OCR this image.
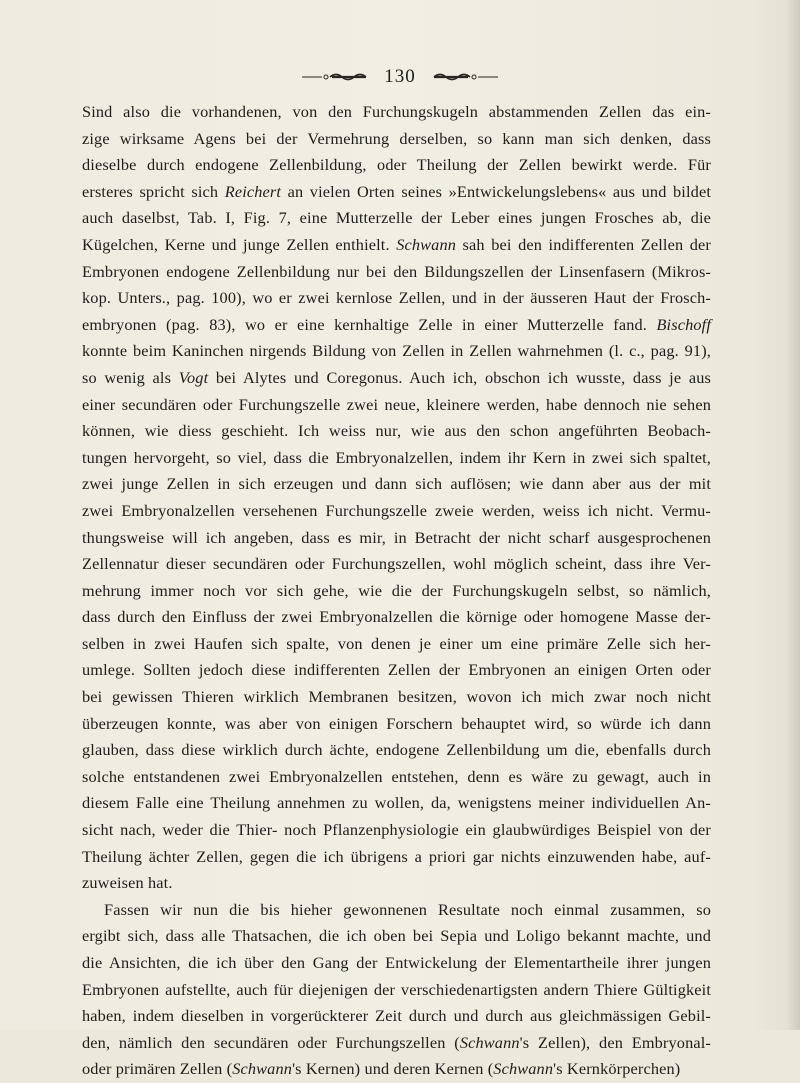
130
Sind also die vorhandenen, von den Furchungskugeln abstammenden Zellen das ein-
zige wirksame Agens bei der Vermehrung derselben, so kann man sich denken, dass
dieselbe durch endogene Zellenbildung, oder Theilung der Zellen bewirkt werde. Für
ersteres spricht sich Reichert an vielen Orten seines »Entwickelungslebens« aus und bildet
auch daselbst, Tab. I, Fig. 7, eine Mutterzelle der Leber eines jungen Frosches ab, die
Kügelchen, Kerne und junge Zellen enthielt. Schwann sah bei den indifferenten Zellen der
Embryonen endogene Zellenbildung nur bei den Bildungszellen der Linsenfasern (Mikros-
kop. Unters., pag. 100), wo er zwei kernlose Zellen, und in der äusseren Haut der Frosch-
embryonen (pag. 83), wo er eine kernhaltige Zelle in einer Mutterzelle fand. Bischoff
konnte beim Kaninchen nirgends Bildung von Zellen in Zellen wahrnehmen (l. c., pag. 91),
so wenig als Vogt bei Alytes und Coregonus. Auch ich, obschon ich wusste, dass je aus
einer secundären oder Furchungszelle zwei neue, kleinere werden, habe dennoch nie sehen
können, wie diess geschieht. Ich weiss nur, wie aus den schon angeführten Beobach-
tungen hervorgeht, so viel, dass die Embryonalzellen, indem ihr Kern in zwei sich spaltet,
zwei junge Zellen in sich erzeugen und dann sich auflösen; wie dann aber aus der mit
zwei Embryonalzellen versehenen Furchungszelle zweie werden, weiss ich nicht. Vermu-
thungsweise will ich angeben, dass es mir, in Betracht der nicht scharf ausgesprochenen
Zellennatur dieser secundären oder Furchungszellen, wohl möglich scheint, dass ihre Ver-
mehrung immer noch vor sich gehe, wie die der Furchungskugeln selbst, so nämlich,
dass durch den Einfluss der zwei Embryonalzellen die körnige oder homogene Masse der-
selben in zwei Haufen sich spalte, von denen je einer um eine primäre Zelle sich her-
umlege. Sollten jedoch diese indifferenten Zellen der Embryonen an einigen Orten oder
bei gewissen Thieren wirklich Membranen besitzen, wovon ich mich zwar noch nicht
überzeugen konnte, was aber von einigen Forschern behauptet wird, so würde ich dann
glauben, dass diese wirklich durch ächte, endogene Zellenbildung um die, ebenfalls durch
solche entstandenen zwei Embryonalzellen entstehen, denn es wäre zu gewagt, auch in
diesem Falle eine Theilung annehmen zu wollen, da, wenigstens meiner individuellen An-
sicht nach, weder die Thier- noch Pflanzenphysiologie ein glaubwürdiges Beispiel von der
Theilung ächter Zellen, gegen die ich übrigens a priori gar nichts einzuwenden habe, auf-
zuweisen hat.
Fassen wir nun die bis hieher gewonnenen Resultate noch einmal zusammen, so
ergibt sich, dass alle Thatsachen, die ich oben bei Sepia und Loligo bekannt machte, und
die Ansichten, die ich über den Gang der Entwickelung der Elementartheile ihrer jungen
Embryonen aufstellte, auch für diejenigen der verschiedenartigsten andern Thiere Gültigkeit
haben, indem dieselben in vorgerückterer Zeit durch und durch aus gleichmässigen Gebil-
den, nämlich den secundären oder Furchungszellen (Schwann's Zellen), den Embryonal-
oder primären Zellen (Schwann's Kernen) und deren Kernen (Schwann's Kernkörperchen)
